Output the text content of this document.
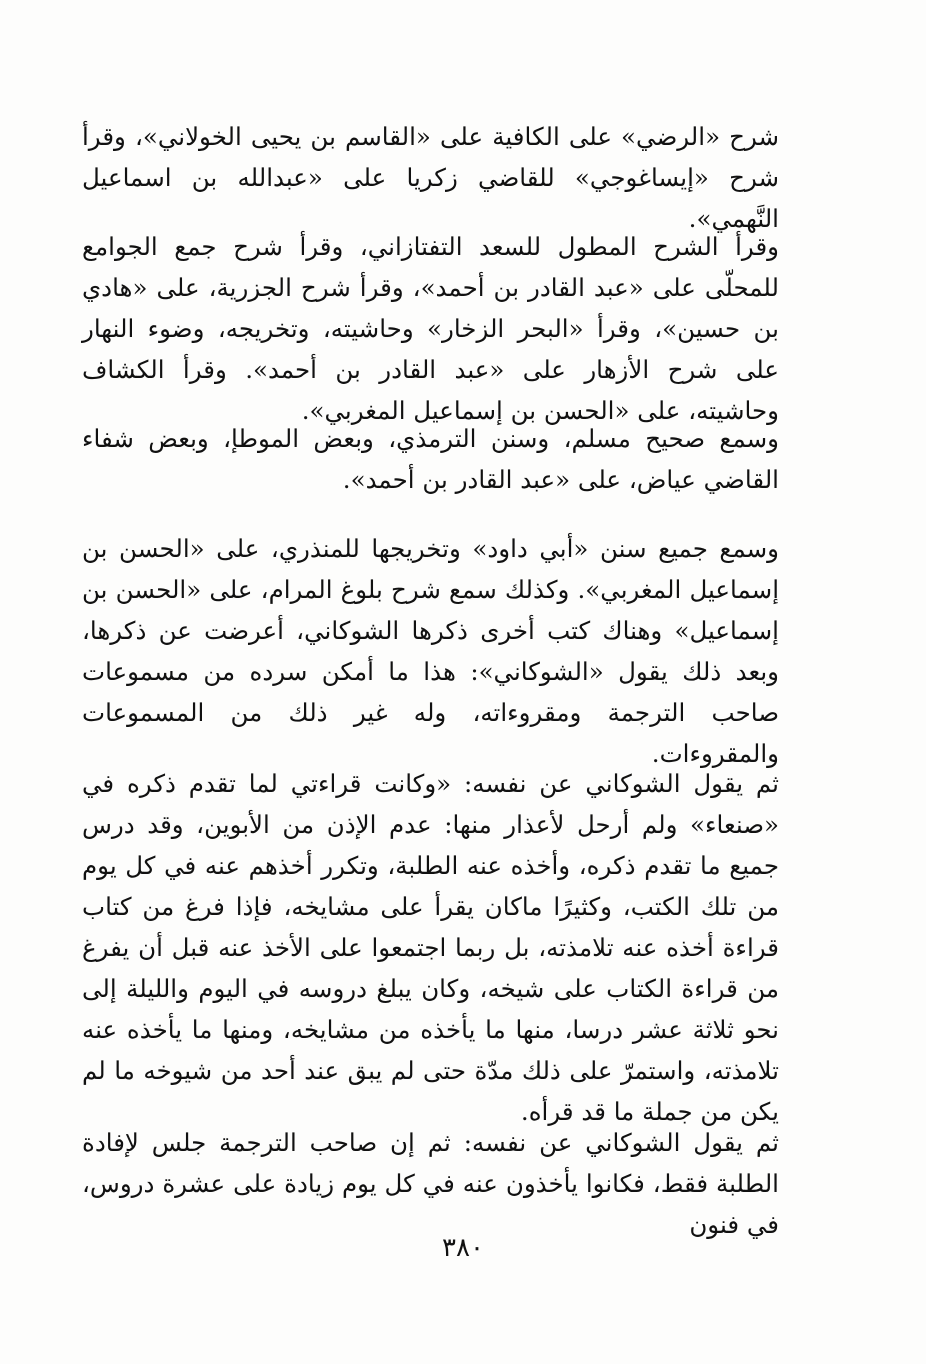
شرح «الرضي» على الكافية على «القاسم بن يحيى الخولاني»، وقرأ شرح «إيساغوجي» للقاضي زكريا على «عبدالله بن اسماعيل النَّهمي».

وقرأ الشرح المطول للسعد التفتازاني، وقرأ شرح جمع الجوامع للمحلّى على «عبد القادر بن أحمد»، وقرأ شرح الجزرية، على «هادي بن حسين»، وقرأ «البحر الزخار» وحاشيته، وتخريجه، وضوء النهار على شرح الأزهار على «عبد القادر بن أحمد». وقرأ الكشاف وحاشيته، على «الحسن بن إسماعيل المغربي».

وسمع صحيح مسلم، وسنن الترمذي، وبعض الموطإ، وبعض شفاء القاضي عياض، على «عبد القادر بن أحمد».

وسمع جميع سنن «أبي داود» وتخريجها للمنذري، على «الحسن بن إسماعيل المغربي». وكذلك سمع شرح بلوغ المرام، على «الحسن بن إسماعيل» وهناك كتب أخرى ذكرها الشوكاني، أعرضت عن ذكرها، وبعد ذلك يقول «الشوكاني»: هذا ما أمكن سرده من مسموعات صاحب الترجمة ومقروءاته، وله غير ذلك من المسموعات والمقروءات.

ثم يقول الشوكاني عن نفسه: «وكانت قراءتي لما تقدم ذكره في «صنعاء» ولم أرحل لأعذار منها: عدم الإذن من الأبوين، وقد درس جميع ما تقدم ذكره، وأخذه عنه الطلبة، وتكرر أخذهم عنه في كل يوم من تلك الكتب، وكثيرًا ماكان يقرأ على مشايخه، فإذا فرغ من كتاب قراءة أخذه عنه تلامذته، بل ربما اجتمعوا على الأخذ عنه قبل أن يفرغ من قراءة الكتاب على شيخه، وكان يبلغ دروسه في اليوم والليلة إلى نحو ثلاثة عشر درسا، منها ما يأخذه من مشايخه، ومنها ما يأخذه عنه تلامذته، واستمرّ على ذلك مدّة حتى لم يبق عند أحد من شيوخه ما لم يكن من جملة ما قد قرأه.

ثم يقول الشوكاني عن نفسه: ثم إن صاحب الترجمة جلس لإفادة الطلبة فقط، فكانوا يأخذون عنه في كل يوم زيادة على عشرة دروس، في فنون

٣٨٠
